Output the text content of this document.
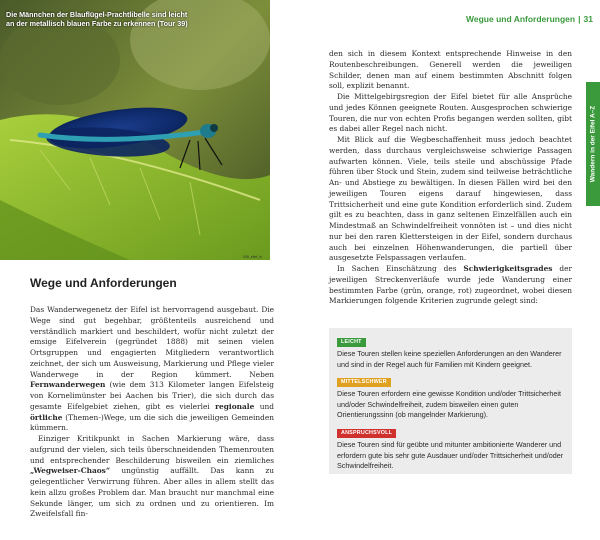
Die Männchen der Blauflügel-Prachtlibelle sind leicht
an der metallisch blauen Farbe zu erkennen (Tour 39)
039_eifel_ln
Wegue und Anforderungen | 31
Wandern in der Eifel A–Z
Wege und Anforderungen

Das Wanderwegenetz der Eifel ist hervorragend ausgebaut. Die Wege sind gut begehbar, größtenteils ausreichend und verständlich markiert und beschildert, wofür nicht zuletzt der emsige Eifelverein (gegründet 1888) mit seinen vielen Ortsgruppen und engagierten Mitgliedern verantwortlich zeichnet, der sich um Ausweisung, Markierung und Pflege vieler Wanderwege in der Region kümmert. Neben Fernwanderwegen (wie dem 313 Kilometer langen Eifelsteig von Kornelimünster bei Aachen bis Trier), die sich durch das gesamte Eifelgebiet ziehen, gibt es vielerlei regionale und örtliche (Themen-)Wege, um die sich die jeweiligen Gemeinden kümmern.

Einziger Kritikpunkt in Sachen Markierung wäre, dass aufgrund der vielen, sich teils überschneidenden Themenrouten und entsprechender Beschilderung bisweilen ein ziemliches „Wegweiser-Chaos“ ungünstig auffällt. Das kann zu gelegentlicher Verwirrung führen. Aber alles in allem stellt das kein allzu großes Problem dar. Man braucht nur manchmal eine Sekunde länger, um sich zu ordnen und zu orientieren. Im Zweifelsfall fin-

den sich in diesem Kontext entsprechende Hinweise in den Routenbeschreibungen. Generell werden die jeweiligen Schilder, denen man auf einem bestimmten Abschnitt folgen soll, explizit benannt.

Die Mittelgebirgsregion der Eifel bietet für alle Ansprüche und jedes Können geeignete Routen. Ausgesprochen schwierige Touren, die nur von echten Profis begangen werden sollten, gibt es dabei aller Regel nach nicht.

Mit Blick auf die Wegbeschaffenheit muss jedoch beachtet werden, dass durchaus vergleichsweise schwierige Passagen aufwarten können. Viele, teils steile und abschüssige Pfade führen über Stock und Stein, zudem sind teilweise beträchtliche An- und Abstiege zu bewältigen. In diesen Fällen wird bei den jeweiligen Touren eigens darauf hingewiesen, dass Trittsicherheit und eine gute Kondition erforderlich sind. Zudem gilt es zu beachten, dass in ganz seltenen Einzelfällen auch ein Mindestmaß an Schwindelfreiheit vonnöten ist – und dies nicht nur bei den raren Klettersteigen in der Eifel, sondern durchaus auch bei einzelnen Höhenwanderungen, die partiell über ausgesetzte Felspassagen verlaufen.

In Sachen Einschätzung des Schwierigkeitsgrades der jeweiligen Streckenverläufe wurde jede Wanderung einer bestimmten Farbe (grün, orange, rot) zugeordnet, wobei diesen Markierungen folgende Kriterien zugrunde gelegt sind:

LEICHT
Diese Touren stellen keine speziellen Anforderungen an den Wanderer und sind in der Regel auch für Familien mit Kindern geeignet.
MITTELSCHWER
Diese Touren erfordern eine gewisse Kondition und/oder Trittsicherheit und/oder Schwindelfreiheit, zudem bisweilen einen guten Orientierungssinn (ob mangelnder Markierung).
ANSPRUCHSVOLL
Diese Touren sind für geübte und mitunter ambitionierte Wanderer und erfordern gute bis sehr gute Ausdauer und/oder Trittsicherheit und/oder Schwindelfreiheit.
